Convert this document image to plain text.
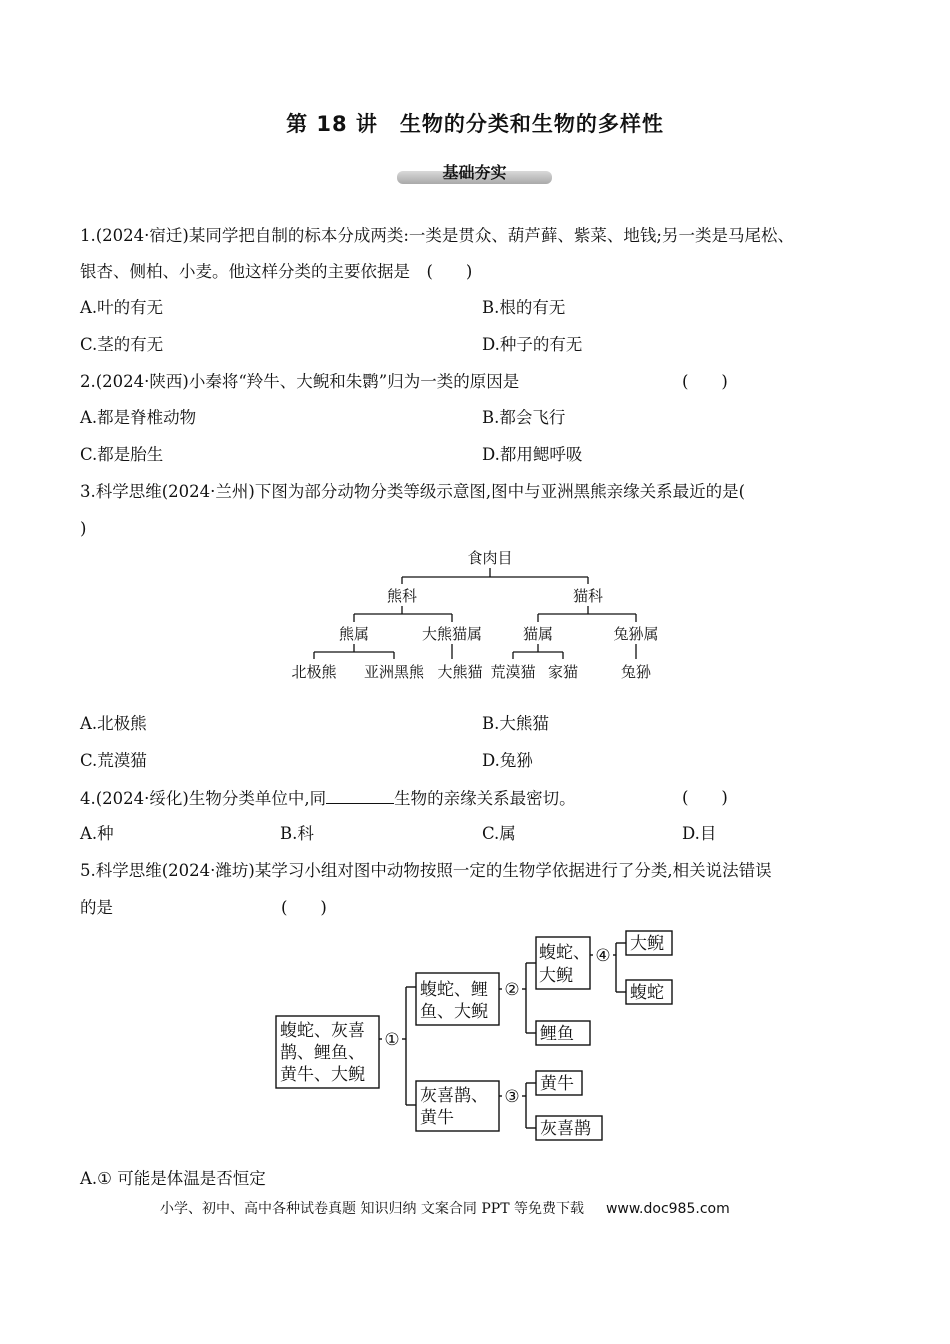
第 18 讲　生物的分类和生物的多样性
基础夯实
1.(2024·宿迁)某同学把自制的标本分成两类:一类是贯众、葫芦藓、紫菜、地钱;另一类是马尾松、
银杏、侧柏、小麦。他这样分类的主要依据是　(　　)
A.叶的有无	B.根的有无
C.茎的有无	D.种子的有无
2.(2024·陕西)小秦将“羚牛、大鲵和朱鹮”归为一类的原因是	(　　)
A.都是脊椎动物	B.都会飞行
C.都是胎生	D.都用鳃呼吸
3.科学思维(2024·兰州)下图为部分动物分类等级示意图,图中与亚洲黑熊亲缘关系最近的是(
)
食肉目
熊科	猫科
熊属	大熊猫属	猫属	兔狲属
北极熊 亚洲黑熊 大熊猫 荒漠猫 家猫	兔狲
A.北极熊	B.大熊猫
C.荒漠猫	D.兔狲
4.(2024·绥化)生物分类单位中,同	生物的亲缘关系最密切。	(　　)
A.种	B.科	C.属	D.目
5.科学思维(2024·潍坊)某学习小组对图中动物按照一定的生物学依据进行了分类,相关说法错误
的是	(　　)
蝮蛇、灰喜
鹊、鲤鱼、
黄牛、大鲵
①
蝮蛇、鲤
鱼、大鲵
②
灰喜鹊、
黄牛
③
蝮蛇、
大鲵
④
鲤鱼
黄牛
灰喜鹊
大鲵
蝮蛇
A.① 可能是体温是否恒定
小学、初中、高中各种试卷真题 知识归纳 文案合同 PPT 等免费下载 www.doc985.com
